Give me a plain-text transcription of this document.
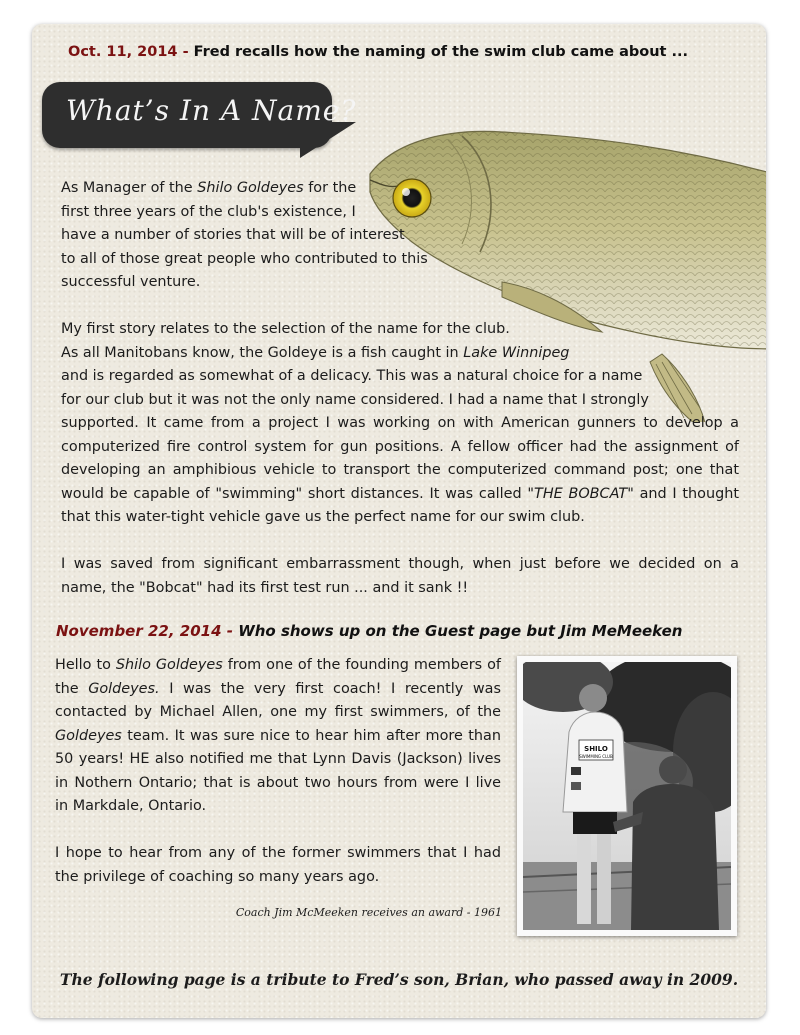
Oct. 11, 2014 - Fred recalls how the naming of the swim club came about ...
What’s In A Name?
As Manager of the Shilo Goldeyes for the
first three years of the club's existence, I
have a number of stories that will be of interest
to all of those great people who contributed to this
successful venture.
My first story relates to the selection of the name for the club.
As all Manitobans know, the Goldeye is a fish caught in Lake Winnipeg
and is regarded as somewhat of a delicacy. This was a natural choice for a name
for our club but it was not the only name considered. I had a name that I strongly
supported. It came from a project I was working on with American gunners to develop a
computerized fire control system for gun positions. A fellow officer had the assignment of
developing an amphibious vehicle to transport the computerized command post; one that
would be capable of "swimming" short distances. It was called "THE BOBCAT" and I thought
that this water-tight vehicle gave us the perfect name for our swim club.
I was saved from significant embarrassment though, when just before we decided on a
name, the "Bobcat" had its first test run ... and it sank !!
November 22, 2014 - Who shows up on the Guest page but Jim MeMeeken
Hello to Shilo Goldeyes from one of the founding members of
the Goldeyes. I was the very first coach! I recently was
contacted by Michael Allen, one my first swimmers, of the
Goldeyes team. It was sure nice to hear him after more than
50 years! HE also notified me that Lynn Davis (Jackson) lives
in Nothern Ontario; that is about two hours from were I live
in Markdale, Ontario.
I hope to hear from any of the former swimmers that I had
the privilege of coaching so many years ago.
SHILO
SWIMMING CLUB
Coach Jim McMeeken receives an award - 1961
The following page is a tribute to Fred’s son, Brian, who passed away in 2009.
